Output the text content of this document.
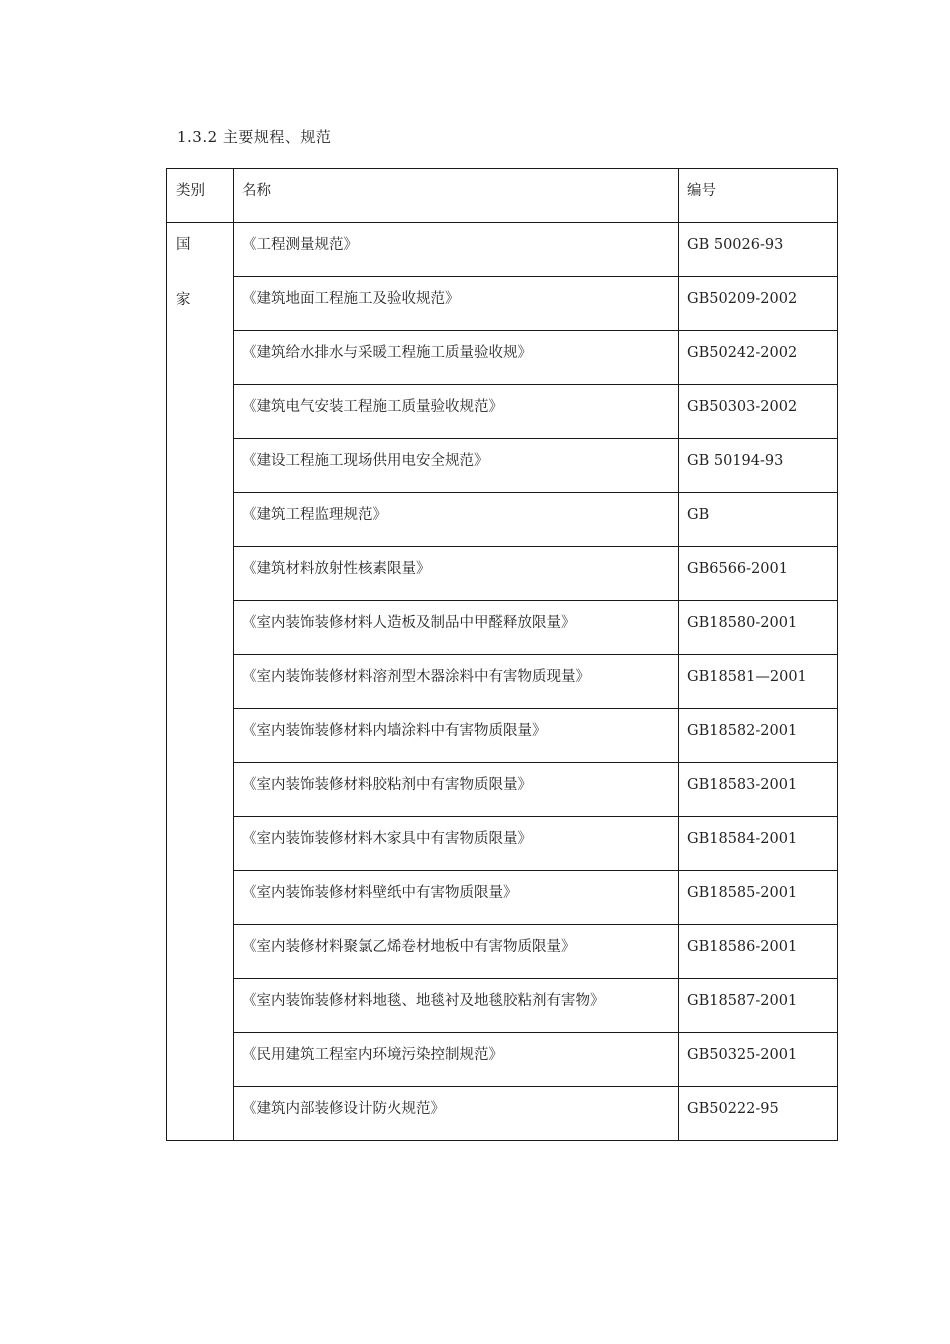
1.3.2 主要规程、规范
类别	名称	编号

国
家	《工程测量规范》	GB 50026-93
	《建筑地面工程施工及验收规范》	GB50209-2002
	《建筑给水排水与采暖工程施工质量验收规》	GB50242-2002
	《建筑电气安装工程施工质量验收规范》	GB50303-2002
	《建设工程施工现场供用电安全规范》	GB 50194-93
	《建筑工程监理规范》	GB
	《建筑材料放射性核素限量》	GB6566-2001
	《室内装饰装修材料人造板及制品中甲醛释放限量》	GB18580-2001
	《室内装饰装修材料溶剂型木器涂料中有害物质现量》	GB18581—2001
	《室内装饰装修材料内墙涂料中有害物质限量》	GB18582-2001
	《室内装饰装修材料胶粘剂中有害物质限量》	GB18583-2001
	《室内装饰装修材料木家具中有害物质限量》	GB18584-2001
	《室内装饰装修材料壁纸中有害物质限量》	GB18585-2001
	《室内装修材料聚氯乙烯卷材地板中有害物质限量》	GB18586-2001
	《室内装饰装修材料地毯、地毯衬及地毯胶粘剂有害物》	GB18587-2001
	《民用建筑工程室内环境污染控制规范》	GB50325-2001
	《建筑内部装修设计防火规范》	GB50222-95
